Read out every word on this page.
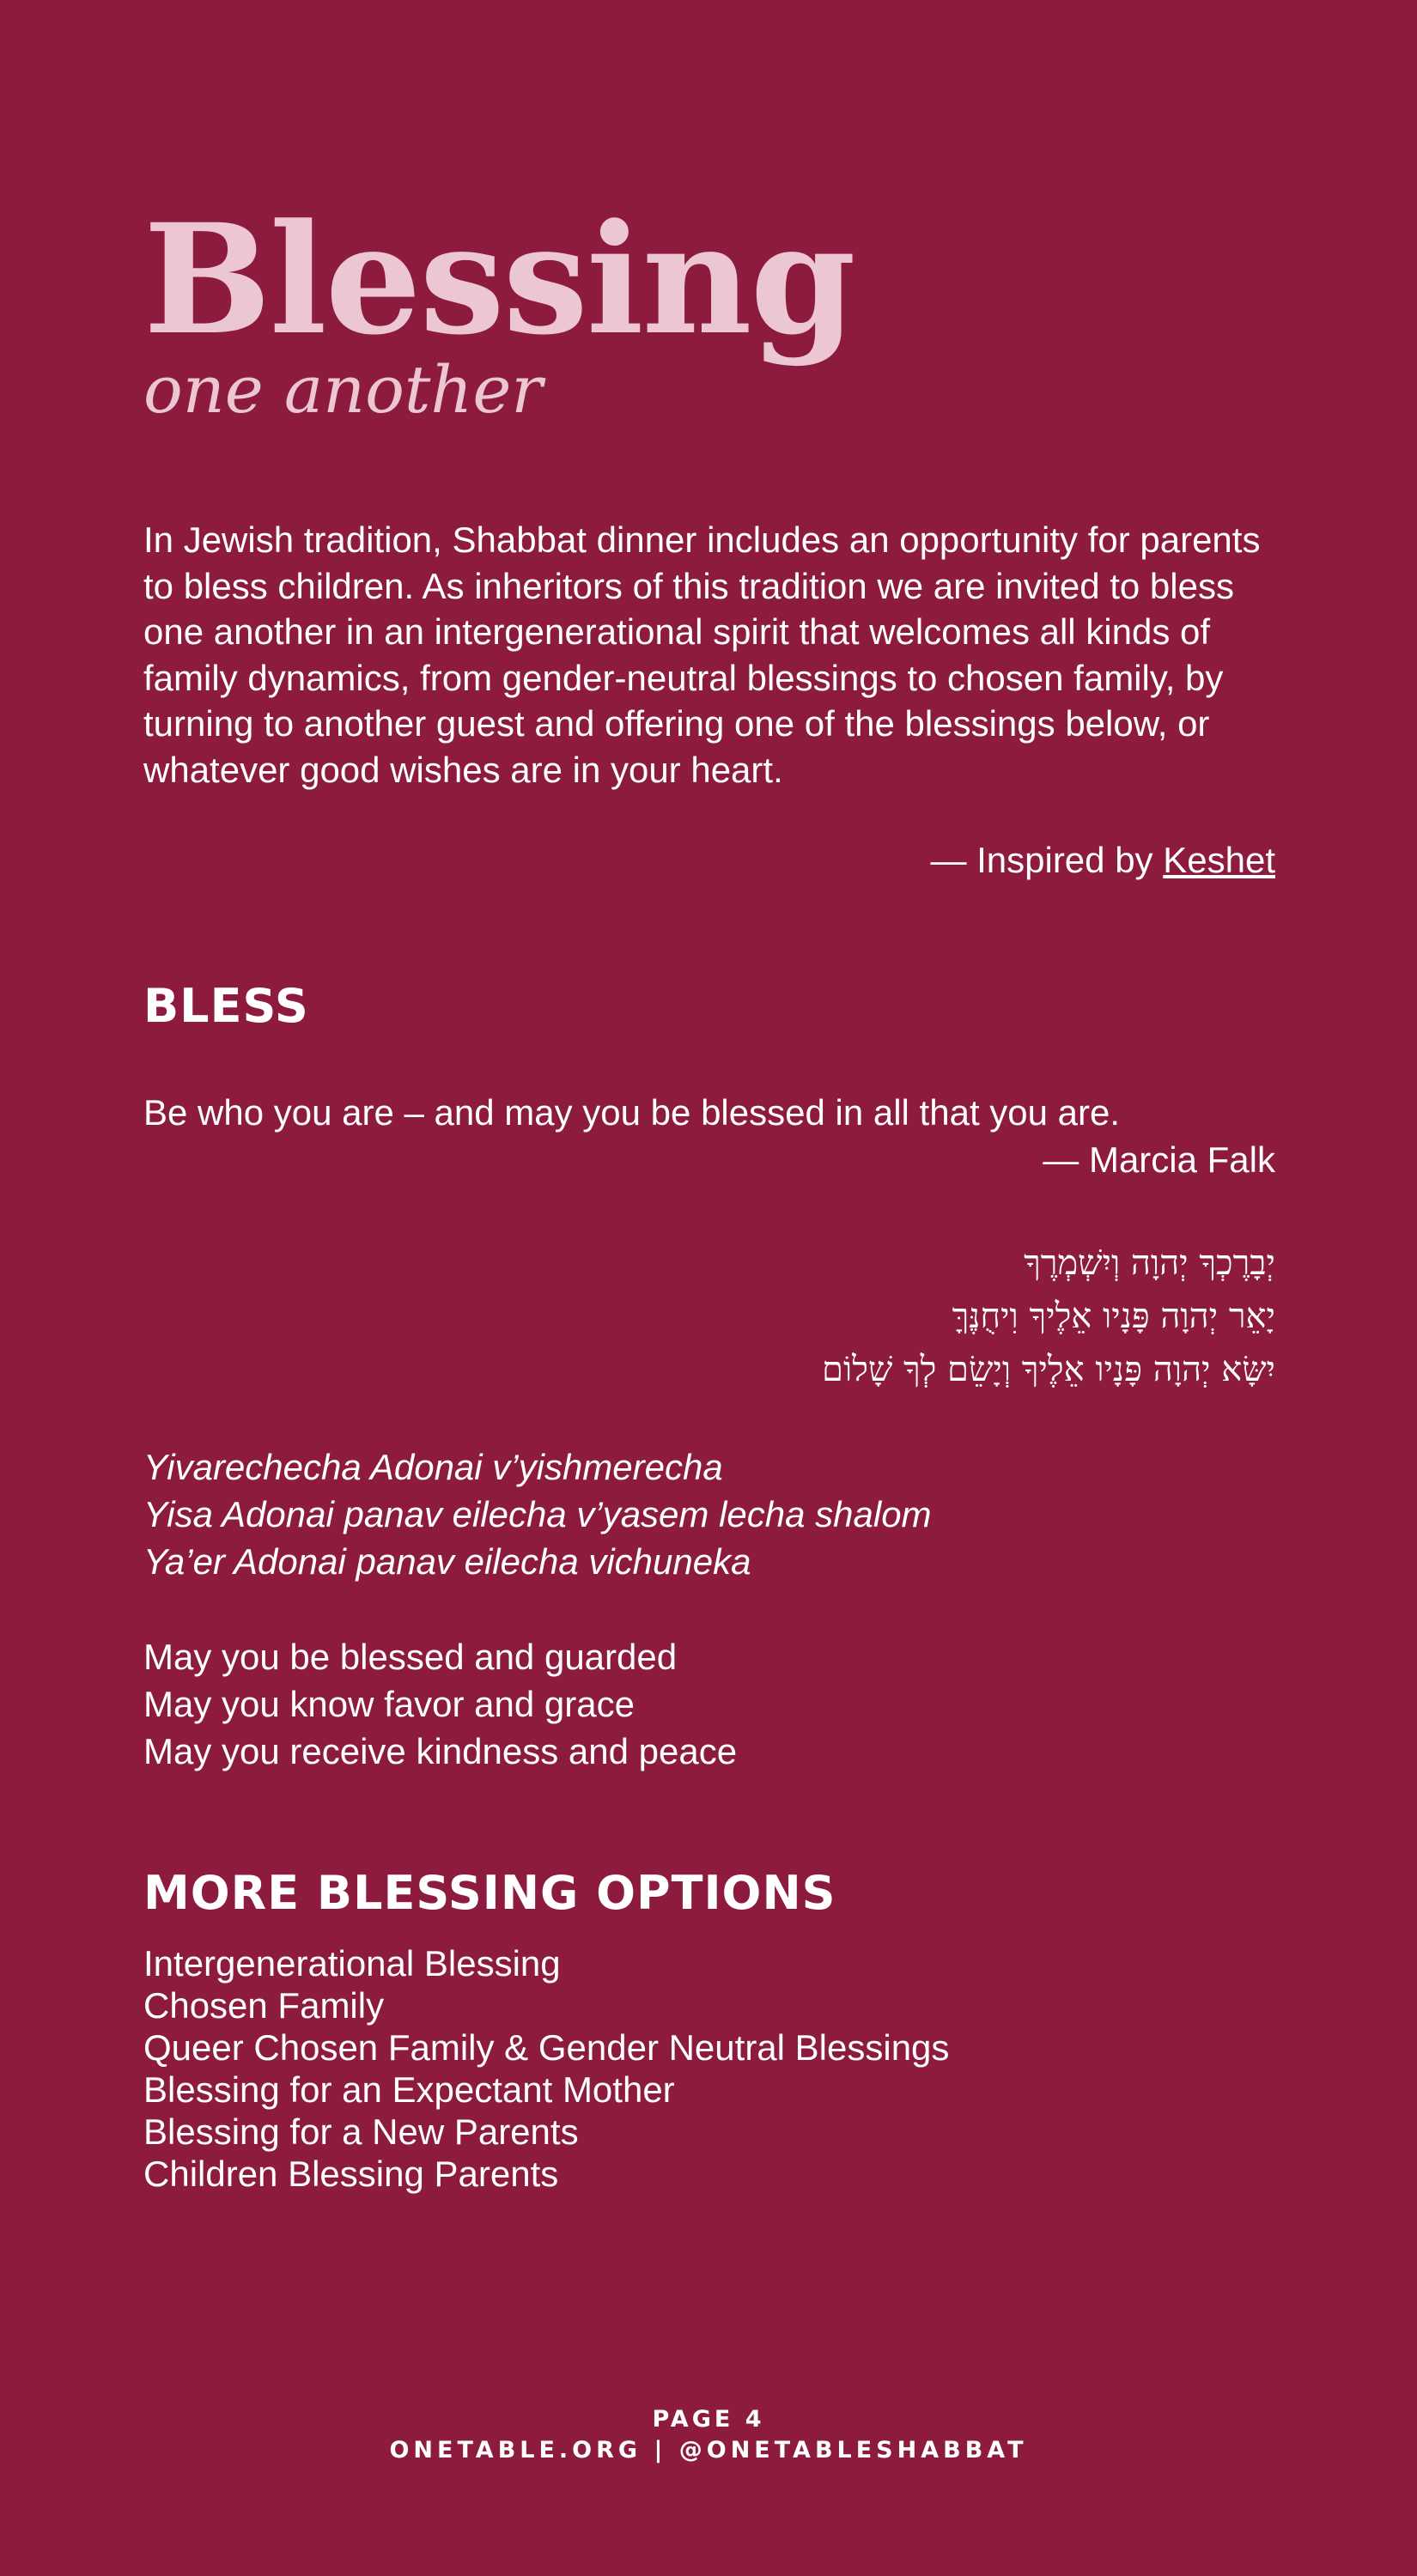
Blessing
one another
In Jewish tradition, Shabbat dinner includes an opportunity for parents to bless children. As inheritors of this tradition we are invited to bless one another in an intergenerational spirit that welcomes all kinds of family dynamics, from gender-neutral blessings to chosen family, by turning to another guest and offering one of the blessings below, or whatever good wishes are in your heart.
— Inspired by Keshet
BLESS
Be who you are – and may you be blessed in all that you are.
— Marcia Falk
יְבָרֶכְךָ יְהוָה וְיִשְׁמְרֶךָ
יָאֵר יְהוָה פָּנָיו אֵלֶיךָ וִיחֻנֶּךָּ
יִשָּׂא יְהוָה פָּנָיו אֵלֶיךָ וְיָשֵׂם לְךָ שָׁלוֹם
Yivarechecha Adonai v’yishmerecha
Yisa Adonai panav eilecha v’yasem lecha shalom
Ya’er Adonai panav eilecha vichuneka
May you be blessed and guarded
May you know favor and grace
May you receive kindness and peace
MORE BLESSING OPTIONS
Intergenerational Blessing
Chosen Family
Queer Chosen Family & Gender Neutral Blessings
Blessing for an Expectant Mother
Blessing for a New Parents
Children Blessing Parents
PAGE 4
ONETABLE.ORG | @ONETABLESHABBAT
